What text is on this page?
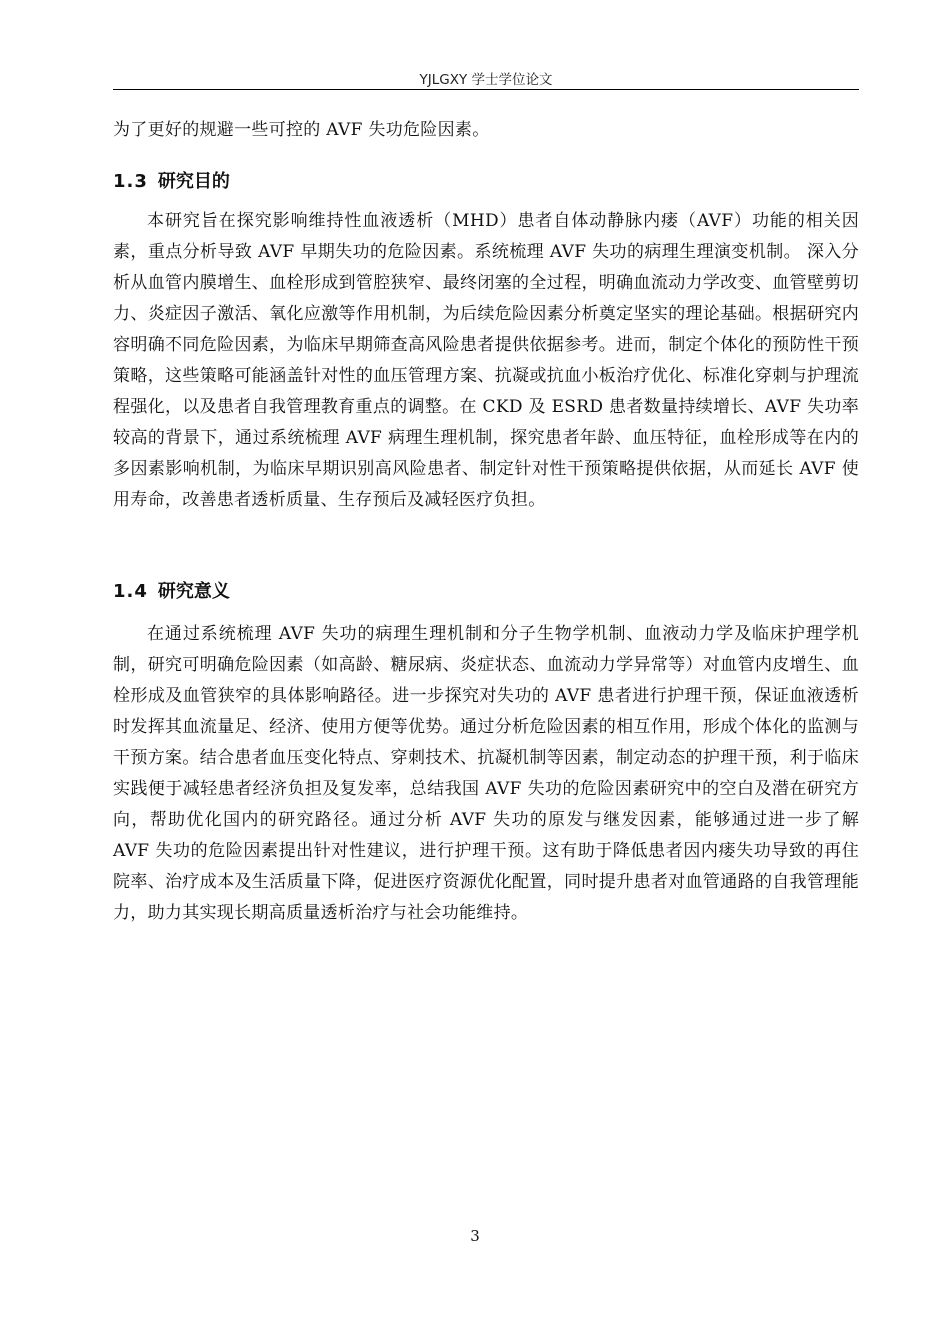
YJLGXY 学士学位论文

为了更好的规避一些可控的 AVF 失功危险因素。

1.3 研究目的

本研究旨在探究影响维持性血液透析（MHD）患者自体动静脉内瘘（AVF）功能的相关因素，重点分析导致 AVF 早期失功的危险因素。系统梳理 AVF 失功的病理生理演变机制。 深入分析从血管内膜增生、血栓形成到管腔狭窄、最终闭塞的全过程，明确血流动力学改变、血管壁剪切力、炎症因子激活、氧化应激等作用机制，为后续危险因素分析奠定坚实的理论基础。根据研究内容明确不同危险因素，为临床早期筛查高风险患者提供依据参考。进而，制定个体化的预防性干预策略，这些策略可能涵盖针对性的血压管理方案、抗凝或抗血小板治疗优化、标准化穿刺与护理流程强化，以及患者自我管理教育重点的调整。在 CKD 及 ESRD 患者数量持续增长、AVF 失功率较高的背景下，通过系统梳理 AVF 病理生理机制，探究患者年龄、血压特征，血栓形成等在内的多因素影响机制，为临床早期识别高风险患者、制定针对性干预策略提供依据，从而延长 AVF 使用寿命，改善患者透析质量、生存预后及减轻医疗负担。

1.4 研究意义

在通过系统梳理 AVF 失功的病理生理机制和分子生物学机制、血液动力学及临床护理学机制，研究可明确危险因素（如高龄、糖尿病、炎症状态、血流动力学异常等）对血管内皮增生、血栓形成及血管狭窄的具体影响路径。进一步探究对失功的 AVF 患者进行护理干预，保证血液透析时发挥其血流量足、经济、使用方便等优势。通过分析危险因素的相互作用，形成个体化的监测与干预方案。结合患者血压变化特点、穿刺技术、抗凝机制等因素，制定动态的护理干预，利于临床实践便于减轻患者经济负担及复发率，总结我国 AVF 失功的危险因素研究中的空白及潜在研究方向，帮助优化国内的研究路径。通过分析 AVF 失功的原发与继发因素，能够通过进一步了解 AVF 失功的危险因素提出针对性建议，进行护理干预。这有助于降低患者因内瘘失功导致的再住院率、治疗成本及生活质量下降，促进医疗资源优化配置，同时提升患者对血管通路的自我管理能力，助力其实现长期高质量透析治疗与社会功能维持。

3
